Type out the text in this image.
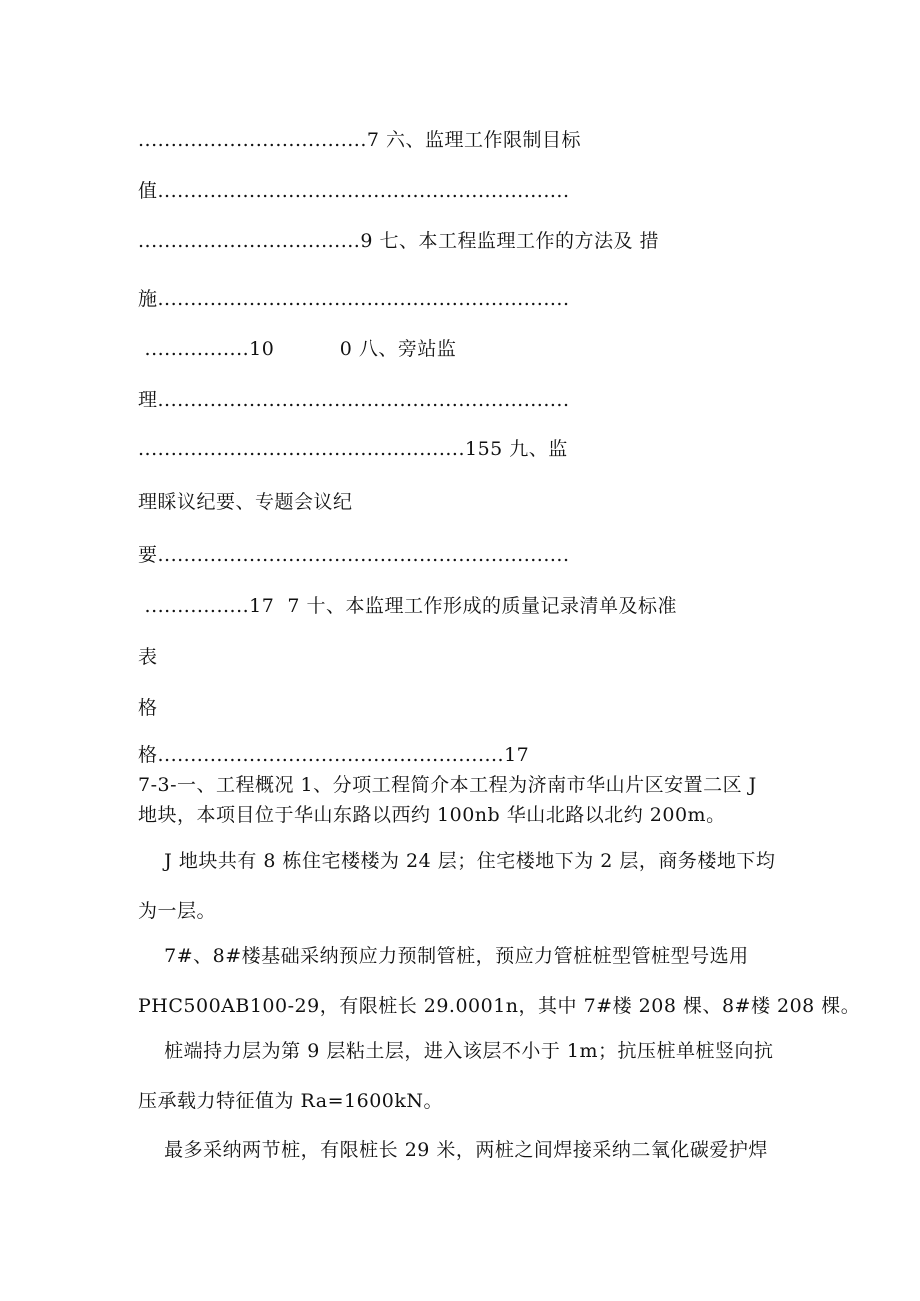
...................................7 六、监理工作限制目标
值...............................................................
..................................9 七、本工程监理工作的方法及 措
施...............................................................
................10          0 八、旁站监
理...............................................................
..................................................155 九、监
理睬议纪要、专题会议纪
要...............................................................
................17  7 十、本监理工作形成的质量记录清单及标准
表
格
格.....................................................17
7-3-一、工程概况 1、分项工程简介本工程为济南市华山片区安置二区 J
地块，本项目位于华山东路以西约 100nb 华山北路以北约 200m。
J 地块共有 8 栋住宅楼楼为 24 层；住宅楼地下为 2 层，商务楼地下均
为一层。
7#、8#楼基础采纳预应力预制管桩，预应力管桩桩型管桩型号选用
PHC500AB100-29，有限桩长 29.0001n，其中 7#楼 208 棵、8#楼 208 棵。
桩端持力层为第 9 层粘土层，进入该层不小于 1m；抗压桩单桩竖向抗
压承载力特征值为 Ra=1600kN。
最多采纳两节桩，有限桩长 29 米，两桩之间焊接采纳二氧化碳爱护焊
